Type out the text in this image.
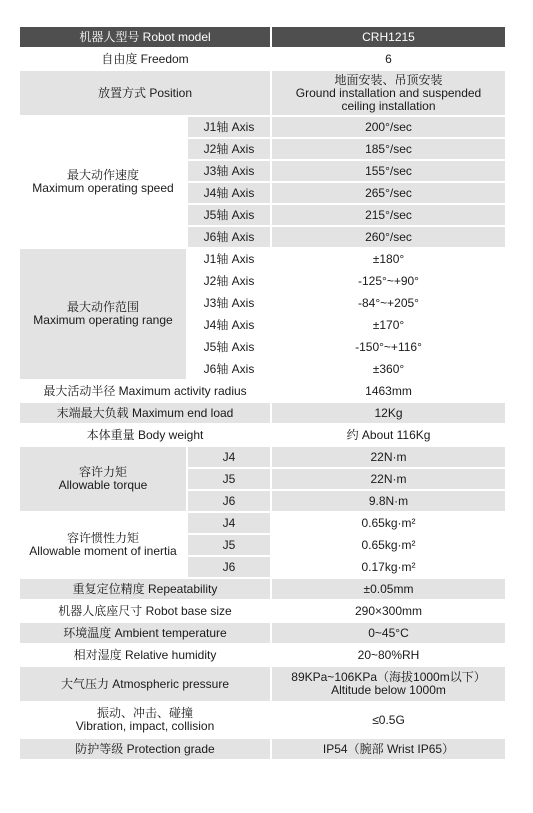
机器人型号 Robot model		CRH1215
自由度 Freedom		6
放置方式 Position		地面安装、吊顶安装
Ground installation and suspended
ceiling installation

最大动作速度
Maximum operating speed	J1轴 Axis	200°/sec
	J2轴 Axis	185°/sec
	J3轴 Axis	155°/sec
	J4轴 Axis	265°/sec
	J5轴 Axis	215°/sec
	J6轴 Axis	260°/sec

最大动作范围
Maximum operating range	J1轴 Axis	±180°
	J2轴 Axis	-125°~+90°
	J3轴 Axis	-84°~+205°
	J4轴 Axis	±170°
	J5轴 Axis	-150°~+116°
	J6轴 Axis	±360°
最大活动半径 Maximum activity radius		1463mm
末端最大负载 Maximum end load		12Kg
本体重量 Body weight		约 About 116Kg

容许力矩
Allowable torque	J4	22N·m
	J5	22N·m
	J6	9.8N·m

容许惯性力矩
Allowable moment of inertia	J4	0.65kg·m²
	J5	0.65kg·m²
	J6	0.17kg·m²
重复定位精度 Repeatability		±0.05mm
机器人底座尺寸 Robot base size		290×300mm
环境温度 Ambient temperature		0~45°C
相对湿度 Relative humidity		20~80%RH
大气压力 Atmospheric pressure		89KPa~106KPa（海拔1000m以下）
Altitude below 1000m

振动、冲击、碰撞
Vibration, impact, collision		≤0.5G
防护等级 Protection grade		IP54（腕部 Wrist IP65）
